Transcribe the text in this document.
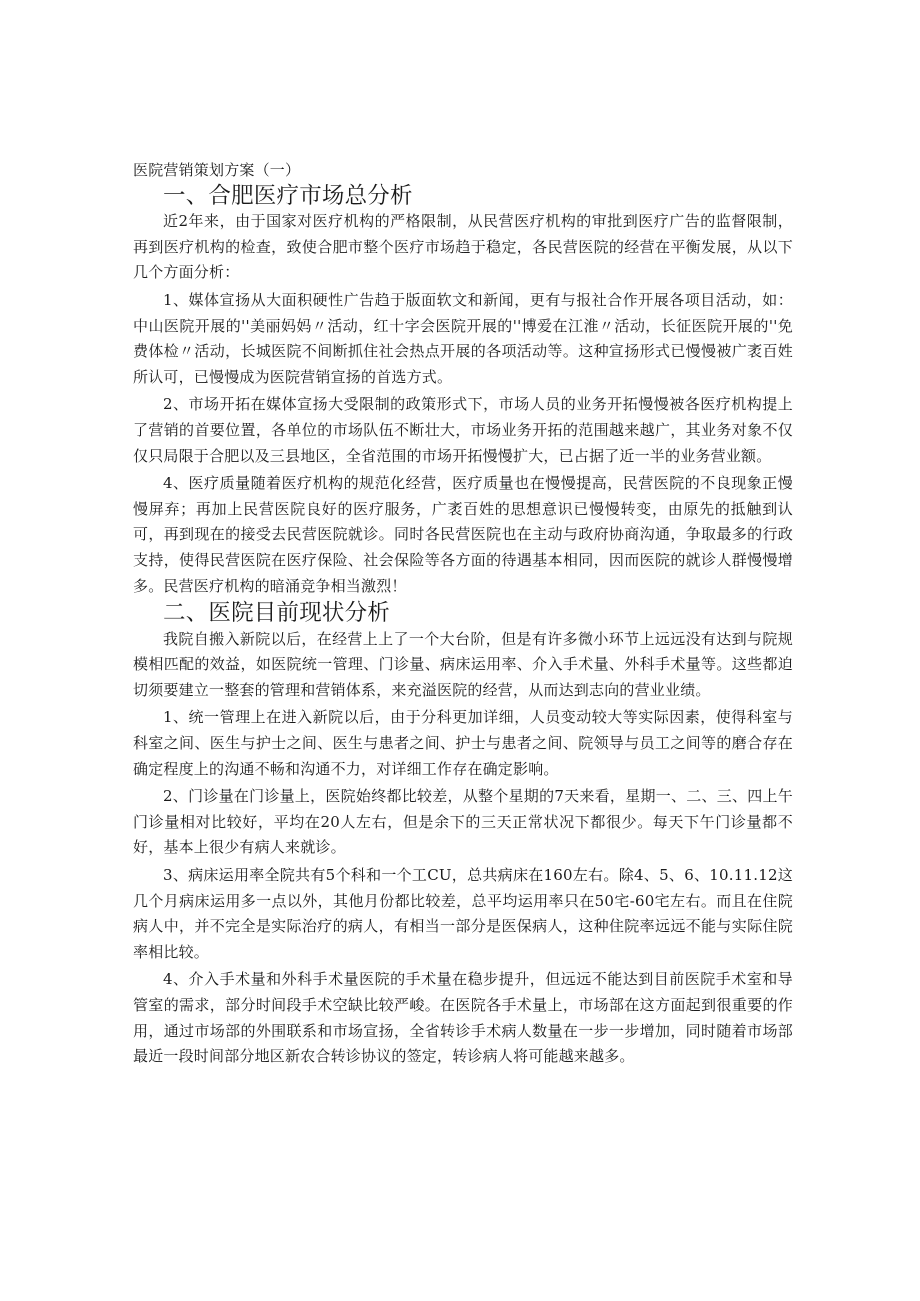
医院营销策划方案（一）
一、合肥医疗市场总分析

近2年来，由于国家对医疗机构的严格限制，从民营医疗机构的审批到医疗广告的监督限制，再到医疗机构的检查，致使合肥市整个医疗市场趋于稳定，各民营医院的经营在平衡发展，从以下几个方面分析：

1、媒体宣扬从大面积硬性广告趋于版面软文和新闻，更有与报社合作开展各项目活动，如：中山医院开展的''美丽妈妈〃活动，红十字会医院开展的''博爱在江淮〃活动，长征医院开展的''免费体检〃活动，长城医院不间断抓住社会热点开展的各项活动等。这种宣扬形式已慢慢被广袤百姓所认可，已慢慢成为医院营销宣扬的首选方式。

2、市场开拓在媒体宣扬大受限制的政策形式下，市场人员的业务开拓慢慢被各医疗机构提上了营销的首要位置，各单位的市场队伍不断壮大，市场业务开拓的范围越来越广，其业务对象不仅仅只局限于合肥以及三县地区，全省范围的市场开拓慢慢扩大，已占据了近一半的业务营业额。

4、医疗质量随着医疗机构的规范化经营，医疗质量也在慢慢提高，民营医院的不良现象正慢慢屏弃；再加上民营医院良好的医疗服务，广袤百姓的思想意识已慢慢转变，由原先的抵触到认可，再到现在的接受去民营医院就诊。同时各民营医院也在主动与政府协商沟通，争取最多的行政支持，使得民营医院在医疗保险、社会保险等各方面的待遇基本相同，因而医院的就诊人群慢慢增多。民营医疗机构的暗涌竞争相当激烈！

二、医院目前现状分析

我院自搬入新院以后，在经营上上了一个大台阶，但是有许多微小环节上远远没有达到与院规模相匹配的效益，如医院统一管理、门诊量、病床运用率、介入手术量、外科手术量等。这些都迫切须要建立一整套的管理和营销体系，来充溢医院的经营，从而达到志向的营业业绩。

1、统一管理上在进入新院以后，由于分科更加详细，人员变动较大等实际因素，使得科室与科室之间、医生与护士之间、医生与患者之间、护士与患者之间、院领导与员工之间等的磨合存在确定程度上的沟通不畅和沟通不力，对详细工作存在确定影响。

2、门诊量在门诊量上，医院始终都比较差，从整个星期的7天来看，星期一、二、三、四上午门诊量相对比较好，平均在20人左右，但是余下的三天正常状况下都很少。每天下午门诊量都不好，基本上很少有病人来就诊。

3、病床运用率全院共有5个科和一个工CU，总共病床在160左右。除4、5、6、10.11.12这几个月病床运用多一点以外，其他月份都比较差，总平均运用率只在50宅-60宅左右。而且在住院病人中，并不完全是实际治疗的病人，有相当一部分是医保病人，这种住院率远远不能与实际住院率相比较。

4、介入手术量和外科手术量医院的手术量在稳步提升，但远远不能达到目前医院手术室和导管室的需求，部分时间段手术空缺比较严峻。在医院各手术量上，市场部在这方面起到很重要的作用，通过市场部的外围联系和市场宣扬，全省转诊手术病人数量在一步一步增加，同时随着市场部最近一段时间部分地区新农合转诊协议的签定，转诊病人将可能越来越多。
